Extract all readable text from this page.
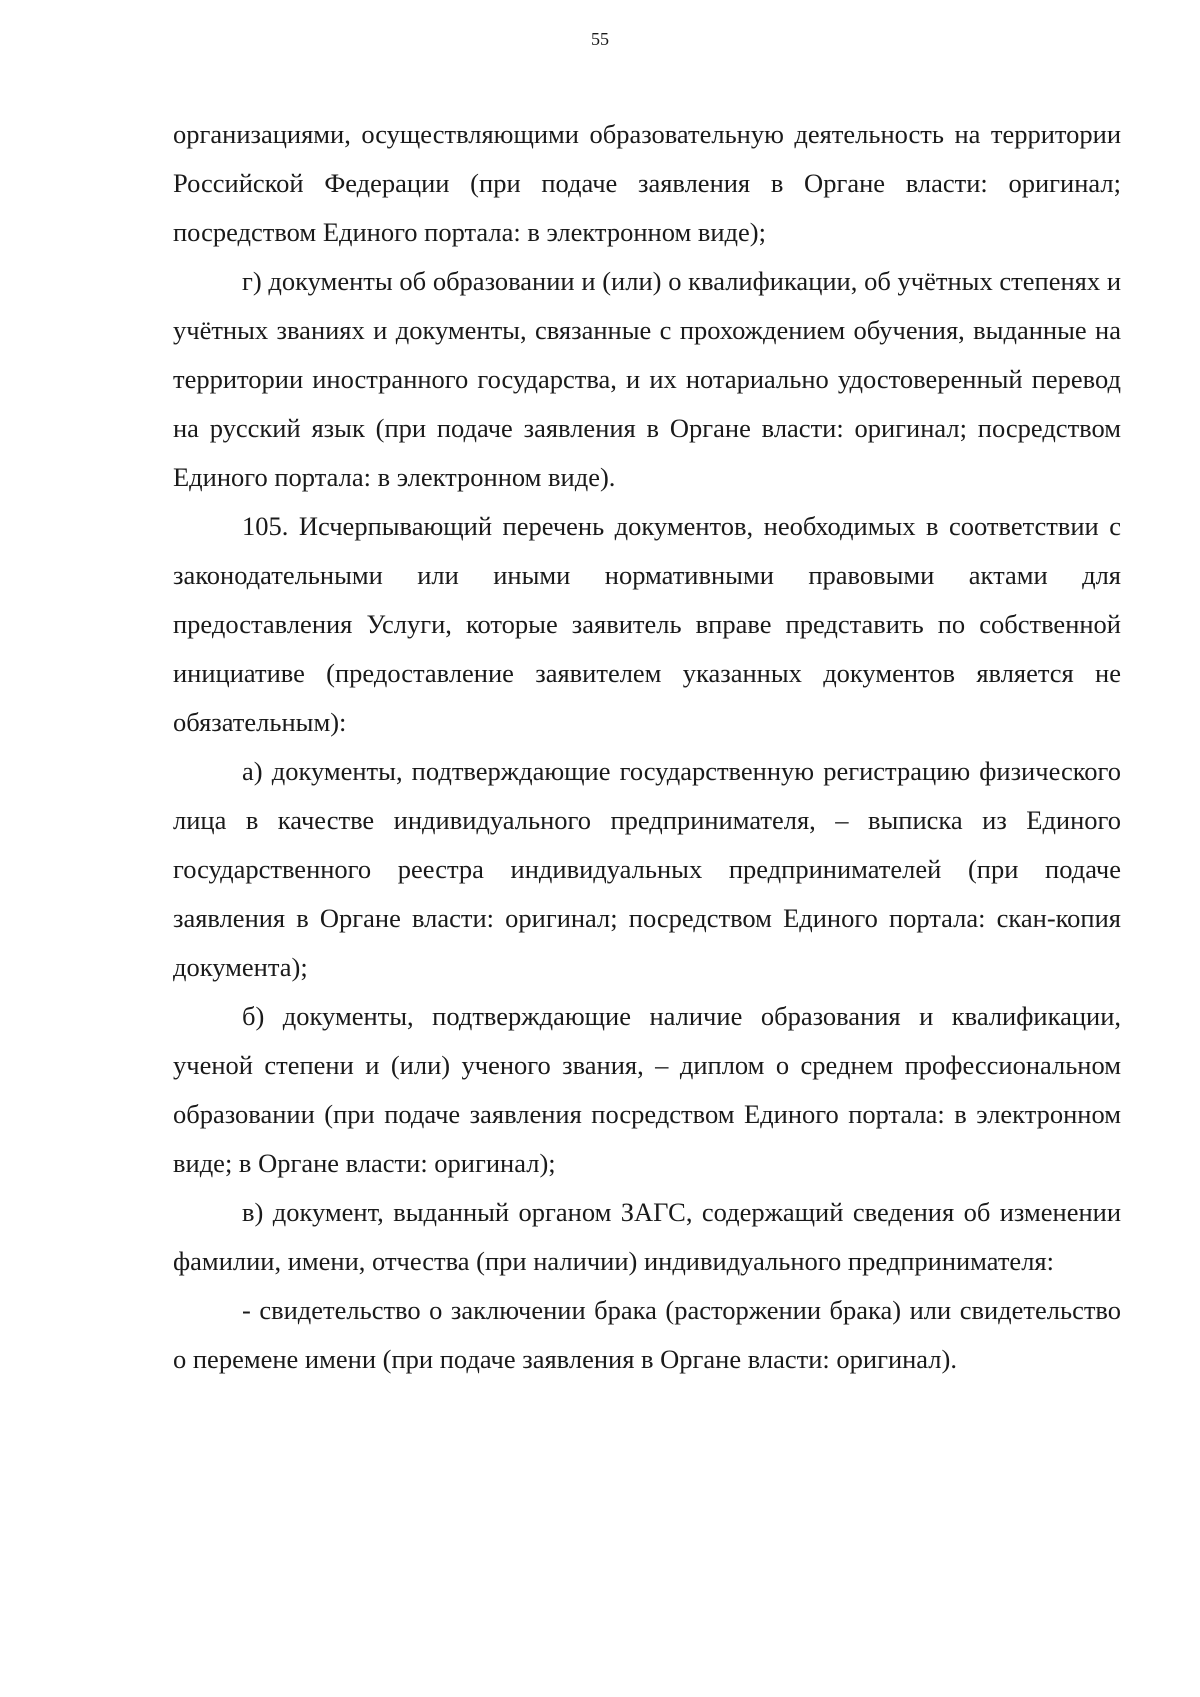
55

организациями, осуществляющими образовательную деятельность на территории Российской Федерации (при подаче заявления в Органе власти: оригинал; посредством Единого портала: в электронном виде);

г) документы об образовании и (или) о квалификации, об учётных степенях и учётных званиях и документы, связанные с прохождением обучения, выданные на территории иностранного государства, и их нотариально удостоверенный перевод на русский язык (при подаче заявления в Органе власти: оригинал; посредством Единого портала: в электронном виде).

105. Исчерпывающий перечень документов, необходимых в соответствии с законодательными или иными нормативными правовыми актами для предоставления Услуги, которые заявитель вправе представить по собственной инициативе (предоставление заявителем указанных документов является не обязательным):

а) документы, подтверждающие государственную регистрацию физического лица в качестве индивидуального предпринимателя, – выписка из Единого государственного реестра индивидуальных предпринимателей (при подаче заявления в Органе власти: оригинал; посредством Единого портала: скан-копия документа);

б) документы, подтверждающие наличие образования и квалификации, ученой степени и (или) ученого звания, – диплом о среднем профессиональном образовании (при подаче заявления посредством Единого портала: в электронном виде; в Органе власти: оригинал);

в) документ, выданный органом ЗАГС, содержащий сведения об изменении фамилии, имени, отчества (при наличии) индивидуального предпринимателя:

- свидетельство о заключении брака (расторжении брака) или свидетельство о перемене имени (при подаче заявления в Органе власти: оригинал).
